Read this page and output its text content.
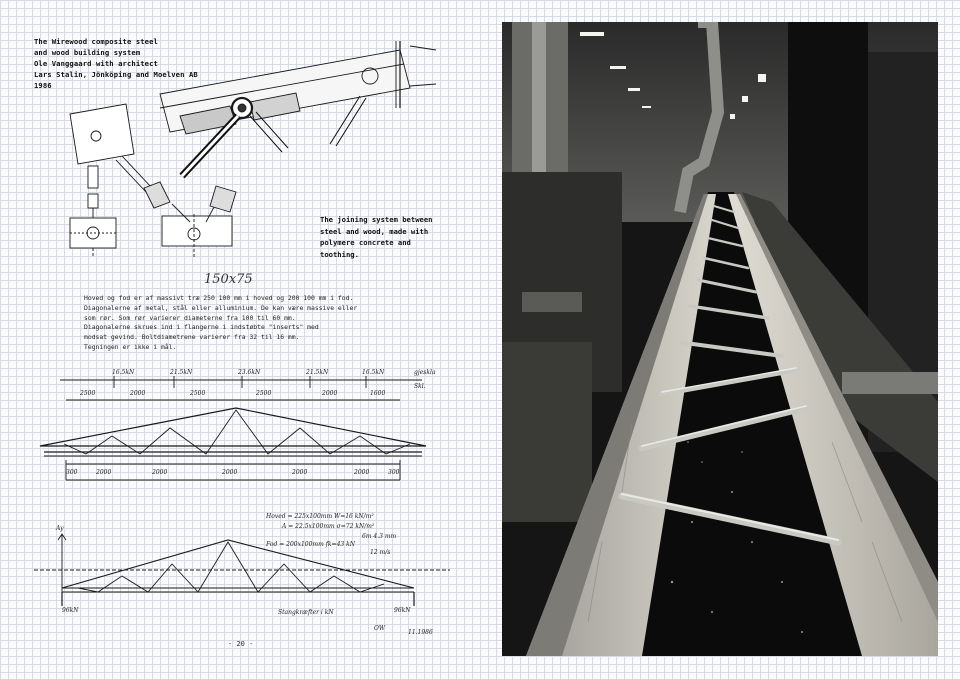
The Wirewood composite steel
and wood building system
Ole Vanggaard with architect
Lars Stalin, Jönköping and Moelven AB
1986
The joining system between
steel and wood, made with
polymere concrete and
toothing.
150x75
Hoved og fod er af massivt træ 250 100 mm i hoved og 200 100 mm i fod.
Diagonalerne af metal, stål eller alluminium. De kan være massive eller
som rør. Som rør varierer diameterne fra 100 til 60 mm.
Diagonalerne skrues ind i flangerne i indstøbte "inserts" med
modsat gevind. Boltdiametrene varierer fra 32 til 16 mm.
Tegningen er ikke i mål.
16.5kN	21.5kN	23.6kN	21.5kN	16.5kN	gjeskla
Skl.
2500	2000	2500	2500	2000	1600
300	2000	2000	2000	2000	2000	300
Ay
Hoved = 225x100mm W=16 kN/m²
A = 22.5x100mm σ=72 kN/m²
Fod = 200x100mm fk=43 kN
6m 4.3 mm
12 m/s
96kN	96kN
Stangkræfter i kN
OW
11.1986
- 20 -
